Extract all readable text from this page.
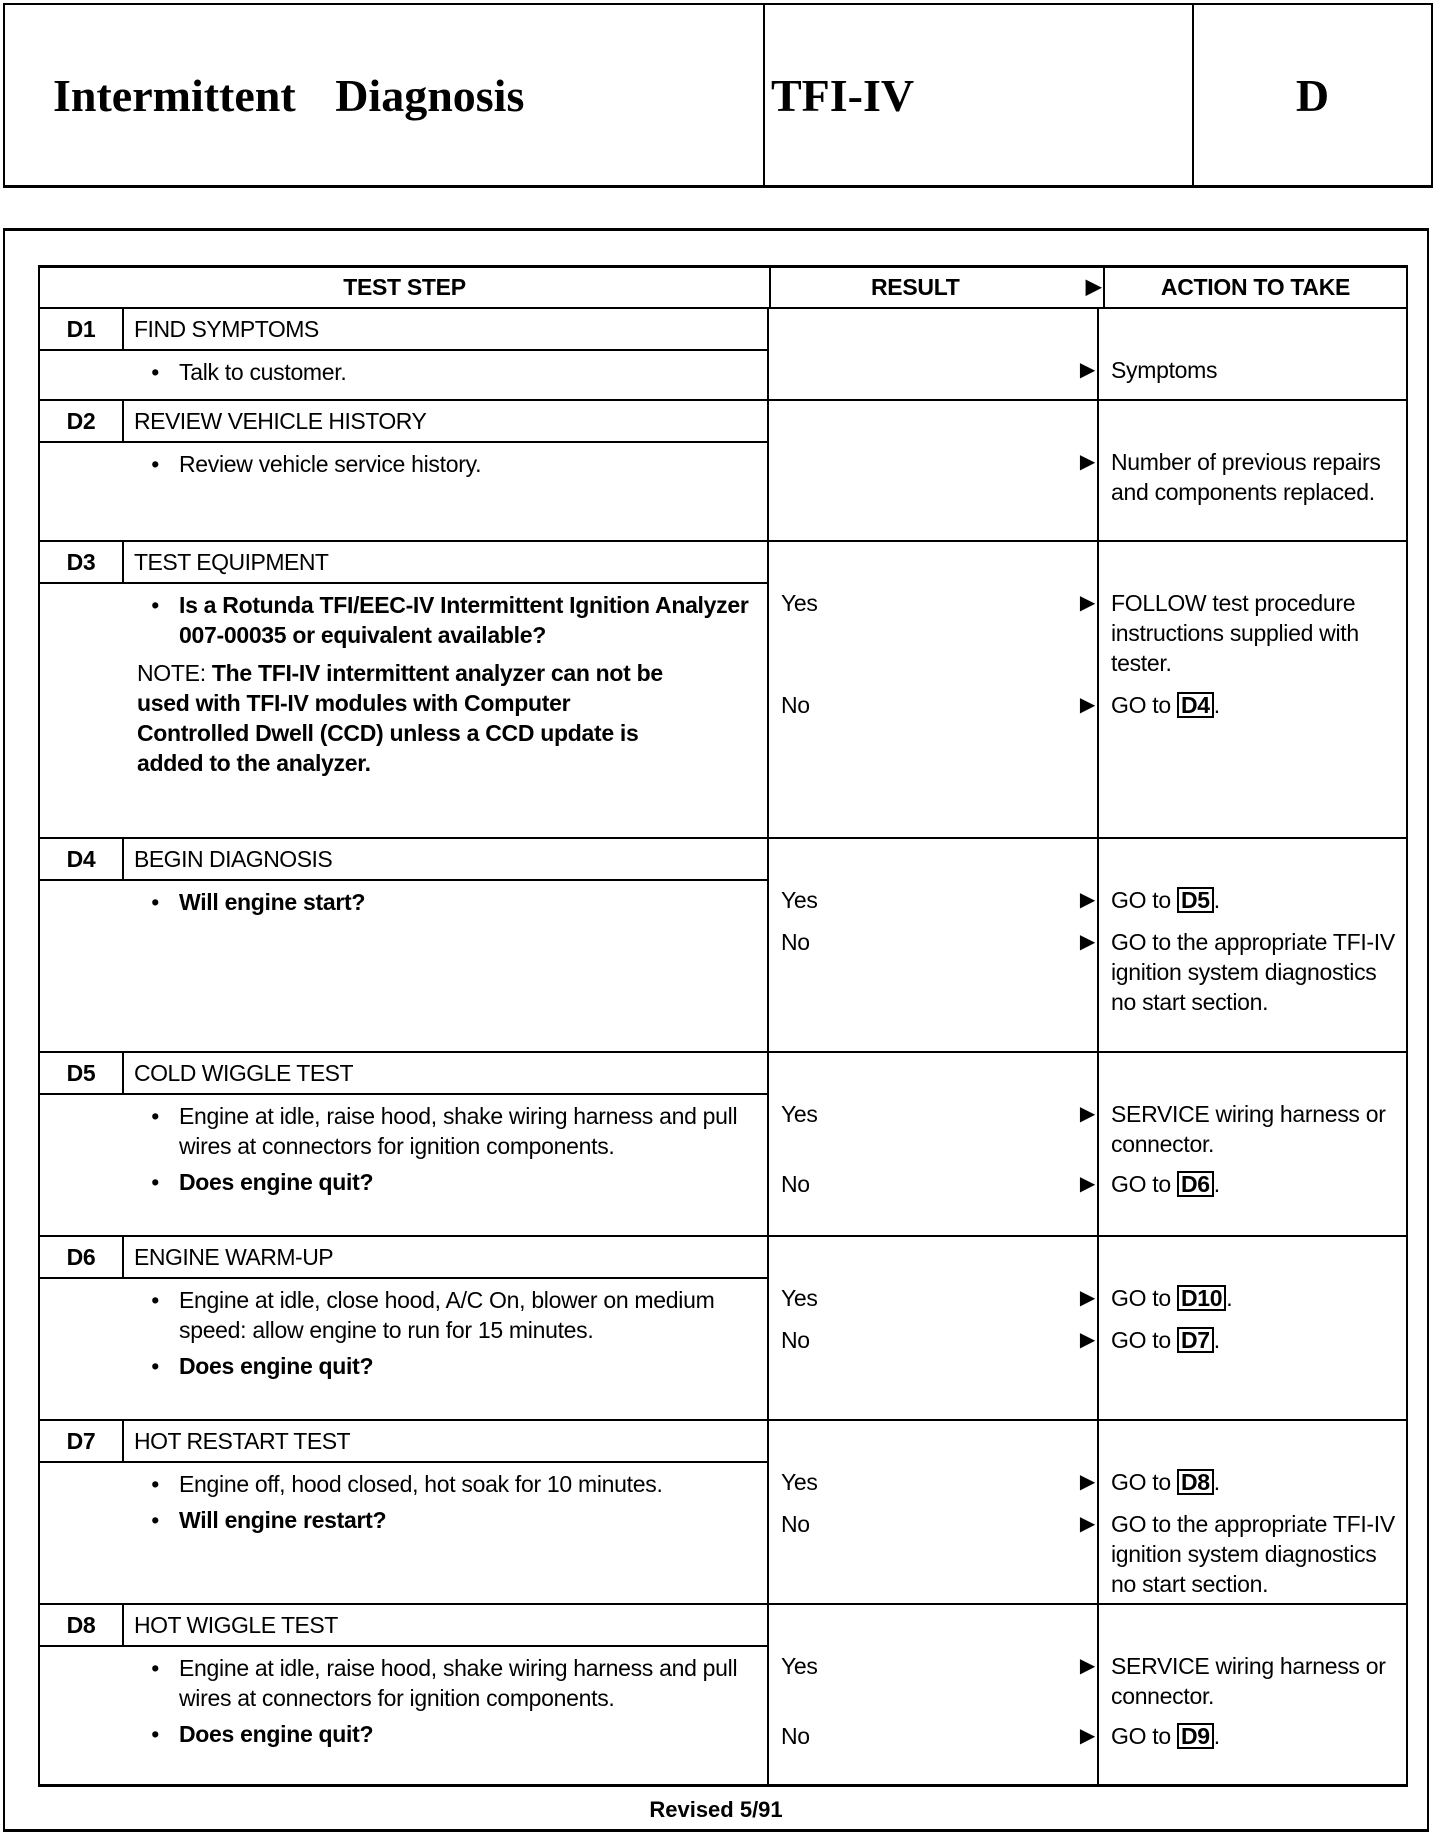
Intermittent Diagnosis	TFI-IV	D
TEST STEP	RESULT	▶	ACTION TO TAKE
D1	FIND SYMPTOMS
• Talk to customer.	▶ Symptoms
D2	REVIEW VEHICLE HISTORY
• Review vehicle service history.	▶ Number of previous repairs and components replaced.
D3	TEST EQUIPMENT
• Is a Rotunda TFI/EEC-IV Intermittent Ignition Analyzer 007-00035 or equivalent available?
NOTE: The TFI-IV intermittent analyzer can not be used with TFI-IV modules with Computer Controlled Dwell (CCD) unless a CCD update is added to the analyzer.
Yes	▶ FOLLOW test procedure instructions supplied with tester.
No	▶ GO to D4 .
D4	BEGIN DIAGNOSIS
• Will engine start?	Yes	▶ GO to D5 .
No	▶ GO to the appropriate TFI-IV ignition system diagnostics no start section.
D5	COLD WIGGLE TEST
• Engine at idle, raise hood, shake wiring harness and pull wires at connectors for ignition components.
• Does engine quit?
Yes	▶ SERVICE wiring harness or connector.
No	▶ GO to D6 .
D6	ENGINE WARM-UP
• Engine at idle, close hood, A/C On, blower on medium speed: allow engine to run for 15 minutes.
• Does engine quit?
Yes	▶ GO to D10 .
No	▶ GO to D7 .
D7	HOT RESTART TEST
• Engine off, hood closed, hot soak for 10 minutes.
• Will engine restart?
Yes	▶ GO to D8 .
No	▶ GO to the appropriate TFI-IV ignition system diagnostics no start section.
D8	HOT WIGGLE TEST
• Engine at idle, raise hood, shake wiring harness and pull wires at connectors for ignition components.
• Does engine quit?
Yes	▶ SERVICE wiring harness or connector.
No	▶ GO to D9 .
Revised 5/91
